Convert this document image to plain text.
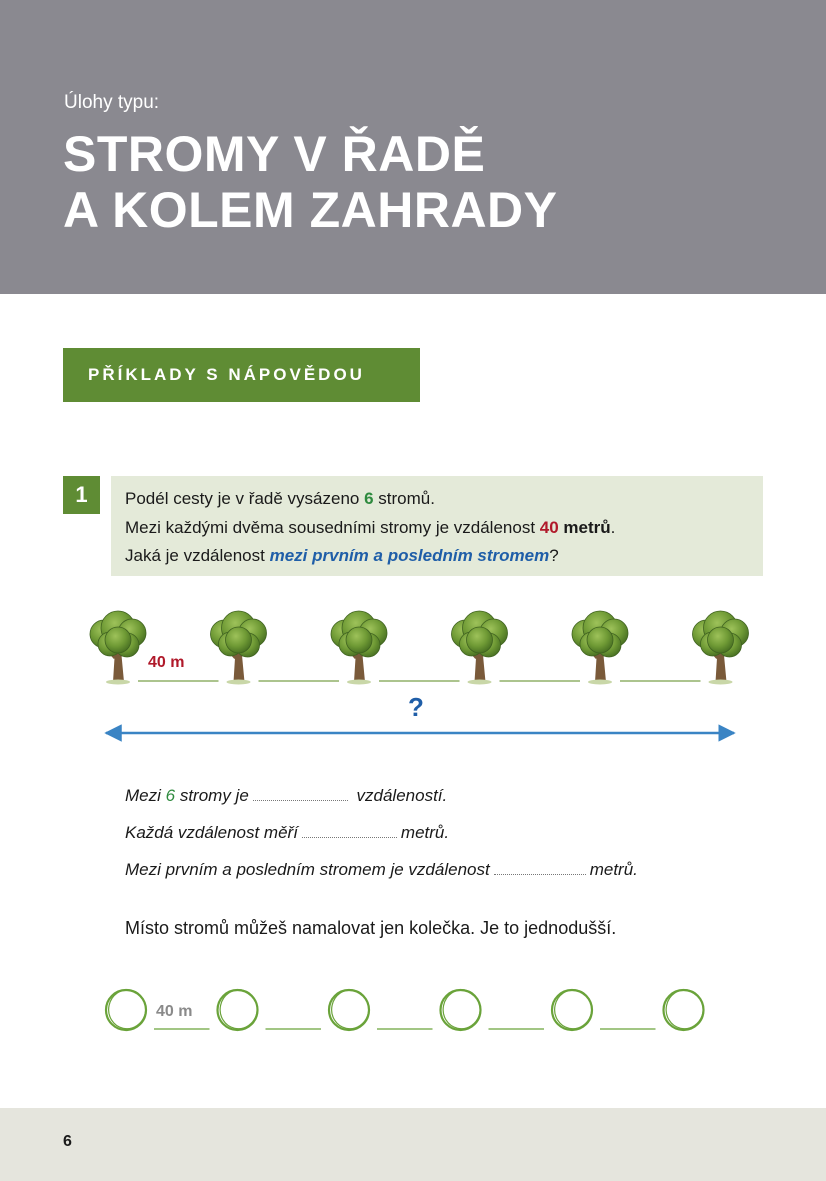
Úlohy typu:
STROMY V ŘADĚ
A KOLEM ZAHRADY
PŘÍKLADY S NÁPOVĚDOU
1	Podél cesty je v řadě vysázeno 6 stromů.
Mezi každými dvěma sousedními stromy je vzdálenost 40 metrů.
Jaká je vzdálenost mezi prvním a posledním stromem?
40 m
?
Mezi 6 stromy je	vzdáleností.
Každá vzdálenost měří	metrů.
Mezi prvním a posledním stromem je vzdálenost	metrů.
Místo stromů můžeš namalovat jen kolečka. Je to jednodušší.
40 m
6
